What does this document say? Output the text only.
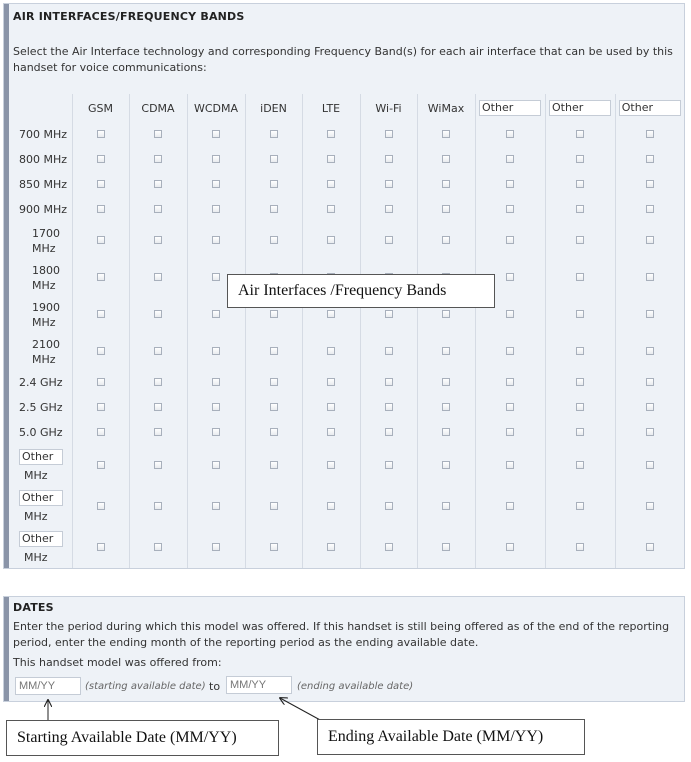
AIR INTERFACES/FREQUENCY BANDS
Select the Air Interface technology and corresponding Frequency Band(s) for each air interface that can be used by this handset for voice communications:
	GSM	CDMA	WCDMA	iDEN	LTE	Wi-Fi	WiMax	Other	Other	Other
700 MHz										
800 MHz										
850 MHz										
900 MHz										
1700
MHz										
1800
MHz										
1900
MHz										
2100
MHz										
2.4 GHz										
2.5 GHz										
5.0 GHz										
Other
MHz										
Other
MHz										
Other
MHz										
DATES
Enter the period during which this model was offered. If this handset is still being offered as of the end of the reporting period, enter the ending month of the reporting period as the ending available date.
This handset model was offered from:
MM/YY
(starting available date) to
MM/YY	(ending available date)
Air Interfaces /Frequency Bands
Starting Available Date (MM/YY)	Ending Available Date (MM/YY)
